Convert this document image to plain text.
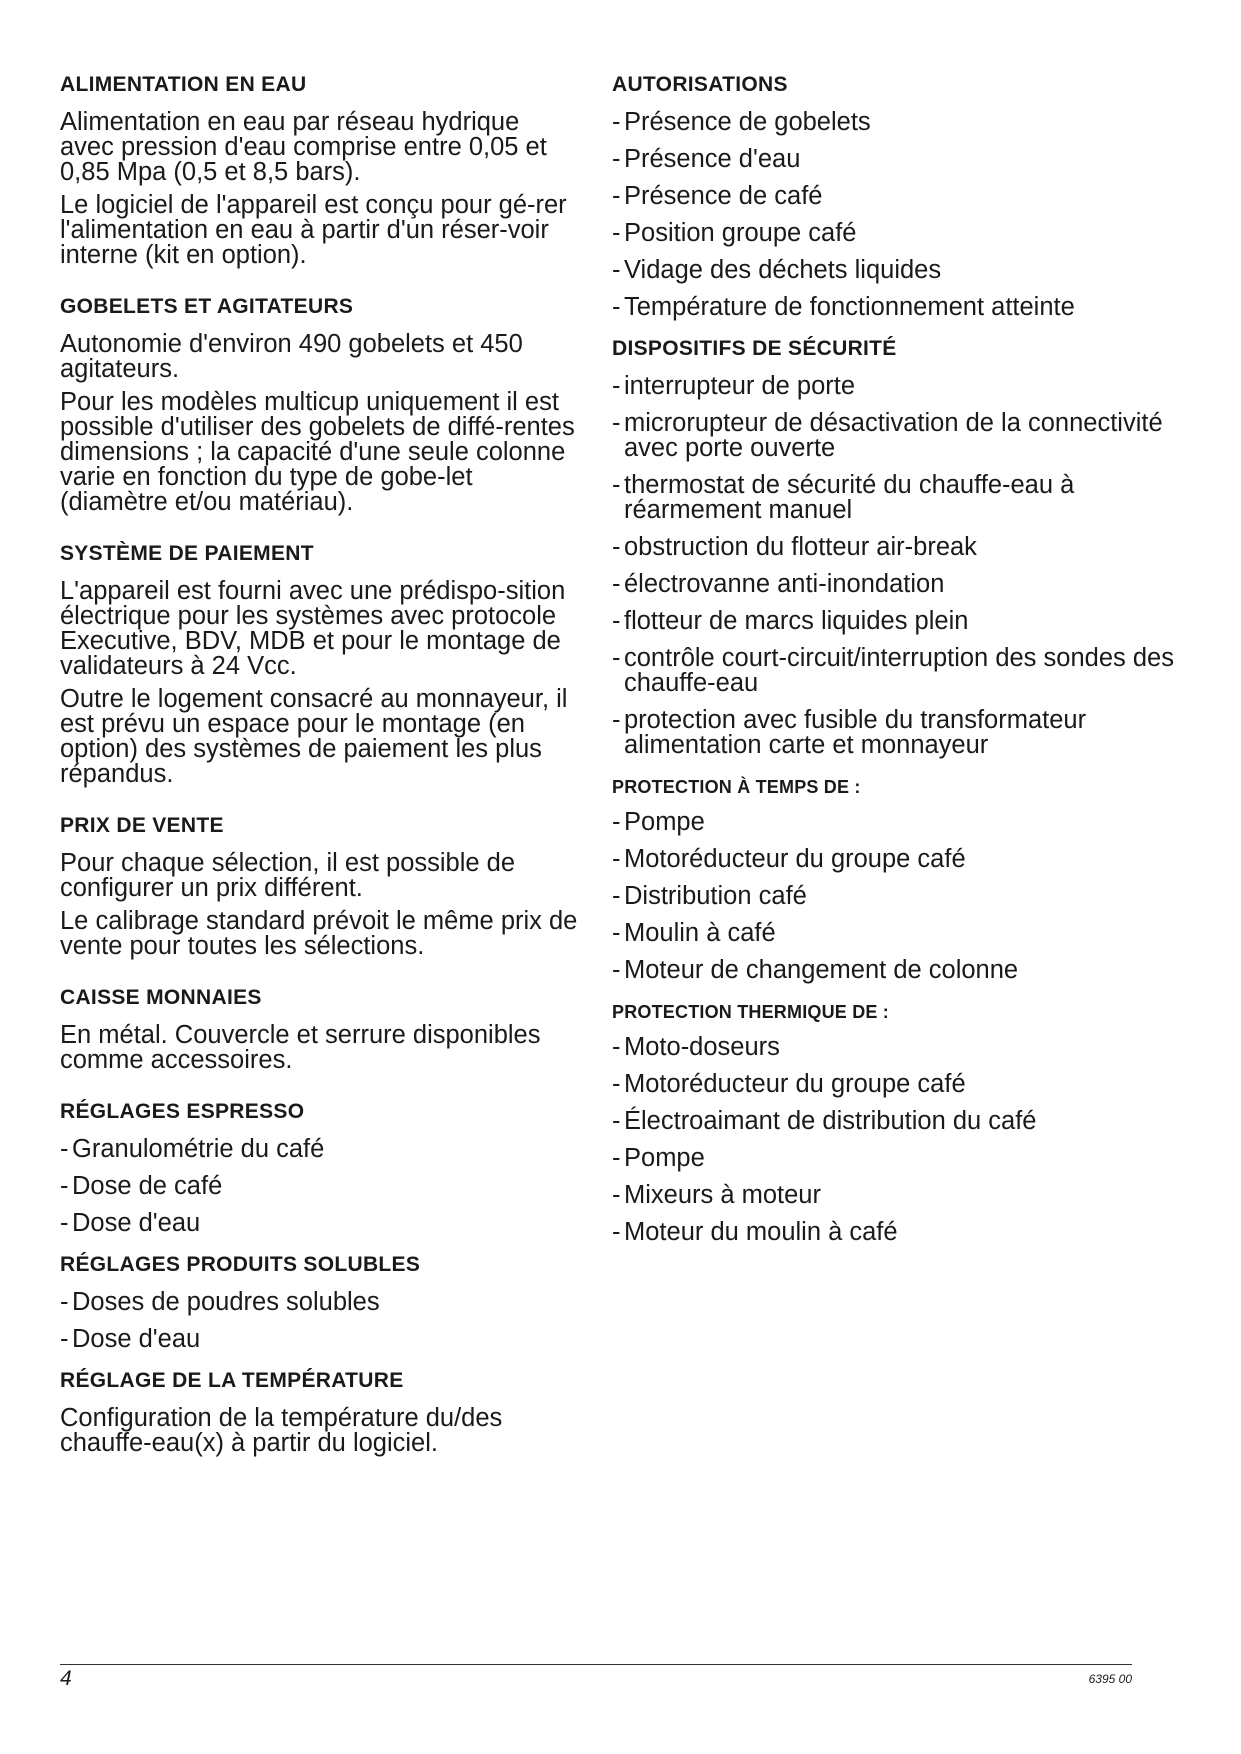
ALIMENTATION EN EAU

Alimentation en eau par réseau hydrique avec pression d'eau comprise entre 0,05 et 0,85 Mpa (0,5 et 8,5 bars).

Le logiciel de l'appareil est conçu pour gé-rer l'alimentation en eau à partir d'un réser-voir interne (kit en option).

GOBELETS ET AGITATEURS

Autonomie d'environ 490 gobelets et 450 agitateurs.

Pour les modèles multicup uniquement il est possible d'utiliser des gobelets de diffé-rentes dimensions ; la capacité d'une seule colonne varie en fonction du type de gobe-let (diamètre et/ou matériau).

SYSTÈME DE PAIEMENT

L'appareil est fourni avec une prédispo-sition électrique pour les systèmes avec protocole Executive, BDV, MDB et pour le montage de validateurs à 24 Vcc.

Outre le logement consacré au monnayeur, il est prévu un espace pour le montage (en option) des systèmes de paiement les plus répandus.

PRIX DE VENTE

Pour chaque sélection, il est possible de configurer un prix différent.

Le calibrage standard prévoit le même prix de vente pour toutes les sélections.

CAISSE MONNAIES

En métal. Couvercle et serrure disponibles comme accessoires.

RÉGLAGES ESPRESSO
- Granulométrie du café
- Dose de café
- Dose d'eau
RÉGLAGES PRODUITS SOLUBLES
- Doses de poudres solubles
- Dose d'eau
RÉGLAGE DE LA TEMPÉRATURE

Configuration de la température du/des chauffe-eau(x) à partir du logiciel.

AUTORISATIONS
- Présence de gobelets
- Présence d'eau
- Présence de café
- Position groupe café
- Vidage des déchets liquides
- Température de fonctionnement atteinte
DISPOSITIFS DE SÉCURITÉ
- interrupteur de porte
- microrupteur de désactivation de la connectivité avec porte ouverte
- thermostat de sécurité du chauffe-eau à réarmement manuel
- obstruction du flotteur air-break
- électrovanne anti-inondation
- flotteur de marcs liquides plein
- contrôle court-circuit/interruption des sondes des chauffe-eau
- protection avec fusible du transformateur alimentation carte et monnayeur
PROTECTION À TEMPS DE :
- Pompe
- Motoréducteur du groupe café
- Distribution café
- Moulin à café
- Moteur de changement de colonne
PROTECTION THERMIQUE DE :
- Moto-doseurs
- Motoréducteur du groupe café
- Électroaimant de distribution du café
- Pompe
- Mixeurs à moteur
- Moteur du moulin à café
4	6395 00
